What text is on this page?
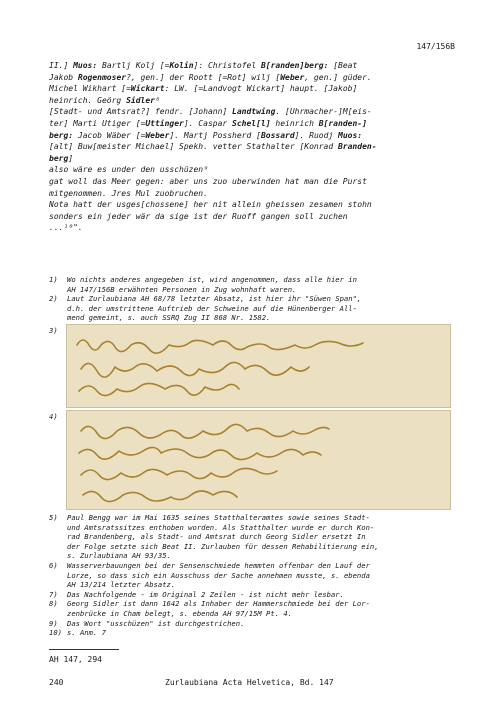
147/156B
II.] Muos: Bartlj Kolj [=Kolin]: Christofel B[randen]berg: [Beat
Jakob Rogenmoser?, gen.] der Roott [=Rot] wilj [Weber, gen.] güder.
Michel Wikhart [=Wickart: LW. [=Landvogt Wickart] haupt. [Jakob]
heinrich. Geörg Sidler⁸
[Stadt- und Amtsrat?] fendr. [Johann] Landtwing. [Uhrmacher-]M[eis-
ter] Marti Utiger [=Uttinger]. Caspar Schel[l] heinrich B[randen-]
berg: Jacob Wäber [=Weber]. Martj Possherd [Bossard]. Ruodj Muos:
[alt] Buw[meister Michael] Spekh. vetter Stathalter [Konrad Branden-
berg]
also wäre es under den usschüzen⁹
gat woll das Meer gegen: aber uns zuo uberwinden hat man die Purst
mitgenommen. Jres Mul zuobruchen.
Nota hatt der usges[chossene] her nit allein gheissen zesamen stohn
sonders ein jeder wär da sige ist der Ruoff gangen soll zuchen
...¹⁰".
1)	Wo nichts anderes angegeben ist, wird angenommen, dass alle hier in
AH 147/156B erwähnten Personen in Zug wohnhaft waren.
2)	Laut Zurlaubiana AH 68/78 letzter Absatz, ist hier ihr "Süwen Span",
d.h. der umstrittene Auftrieb der Schweine auf die Hünenberger All-
mend gemeint, s. auch SSRQ Zug II 868 Nr. 1582.
3)
4)
5)	Paul Bengg war im Mai 1635 seines Statthalteramtes sowie seines Stadt-
und Amtsratssitzes enthoben worden. Als Statthalter wurde er durch Kon-
rad Brandenberg, als Stadt- und Amtsrat durch Georg Sidler ersetzt In
der Folge setzte sich Beat II. Zurlauben für dessen Rehabilitierung ein,
s. Zurlaubiana AH 93/35.
6)	Wasserverbauungen bei der Sensenschmiede hemmten offenbar den Lauf der
Lorze, so dass sich ein Ausschuss der Sache annehmen musste, s. ebenda
AH 13/214 letzter Absatz.
7)	Das Nachfolgende - im Original 2 Zeilen - ist nicht mehr lesbar.
8)	Georg Sidler ist dann 1642 als Inhaber der Hammerschmiede bei der Lor-
zenbrücke in Cham belegt, s. ebenda AH 97/15M Pt. 4.
9)	Das Wort "usschüzen" ist durchgestrichen.
10) s. Anm. 7
AH 147, 294
240	Zurlaubiana Acta Helvetica, Bd. 147
